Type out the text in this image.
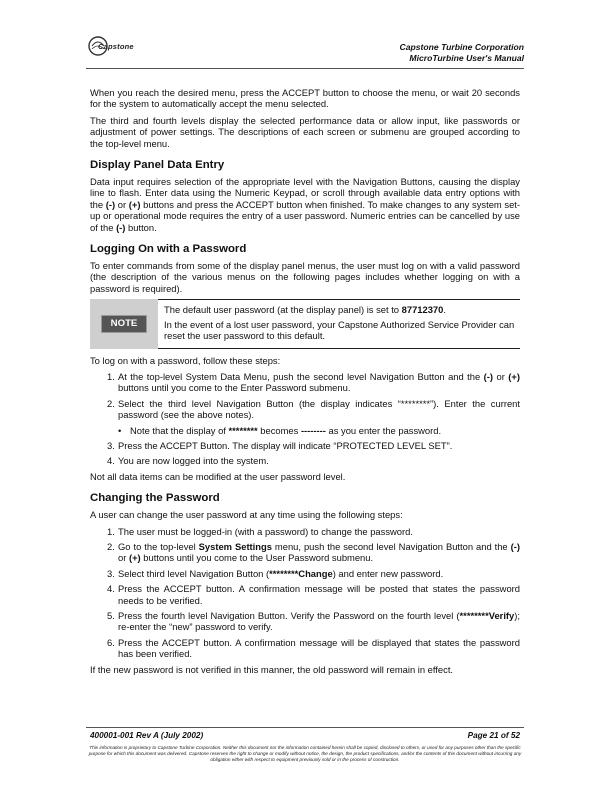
Capstone	Capstone Turbine Corporation
MicroTurbine User's Manual

When you reach the desired menu, press the ACCEPT button to choose the menu, or wait 20 seconds for the system to automatically accept the menu selected.

The third and fourth levels display the selected performance data or allow input, like passwords or adjustment of power settings. The descriptions of each screen or submenu are grouped according to the top-level menu.

Display Panel Data Entry

Data input requires selection of the appropriate level with the Navigation Buttons, causing the display line to flash. Enter data using the Numeric Keypad, or scroll through available data entry options with the (-) or (+) buttons and press the ACCEPT button when finished. To make changes to any system set-up or operational mode requires the entry of a user password. Numeric entries can be cancelled by use of the (-) button.

Logging On with a Password

To enter commands from some of the display panel menus, the user must log on with a valid password (the description of the various menus on the following pages includes whether logging on with a password is required).

NOTE

The default user password (at the display panel) is set to 87712370.

In the event of a lost user password, your Capstone Authorized Service Provider can reset the user password to this default.

To log on with a password, follow these steps:

1. At the top-level System Data Menu, push the second level Navigation Button and the (-) or (+) buttons until you come to the Enter Password submenu.
2. Select the third level Navigation Button (the display indicates “********”). Enter the current password (see the above notes).
• Note that the display of ******** becomes -------- as you enter the password.
3. Press the ACCEPT Button. The display will indicate “PROTECTED LEVEL SET”.
4. You are now logged into the system.

Not all data items can be modified at the user password level.

Changing the Password

A user can change the user password at any time using the following steps:

1. The user must be logged-in (with a password) to change the password.
2. Go to the top-level System Settings menu, push the second level Navigation Button and the (-) or (+) buttons until you come to the User Password submenu.
3. Select third level Navigation Button (********Change) and enter new password.
4. Press the ACCEPT button. A confirmation message will be posted that states the password needs to be verified.
5. Press the fourth level Navigation Button. Verify the Password on the fourth level (********Verify); re-enter the “new” password to verify.
6. Press the ACCEPT button. A confirmation message will be displayed that states the password has been verified.

If the new password is not verified in this manner, the old password will remain in effect.

400001-001 Rev A (July 2002)	Page 21 of 52
This information is proprietary to Capstone Turbine Corporation. Neither this document nor the information contained herein shall be copied, disclosed to others, or used for any purposes other than the specific purpose for which this document was delivered. Capstone reserves the right to change or modify without notice, the design, the product specifications, and/or the contents of this document without incurring any obligation either with respect to equipment previously sold or in the process of construction.
